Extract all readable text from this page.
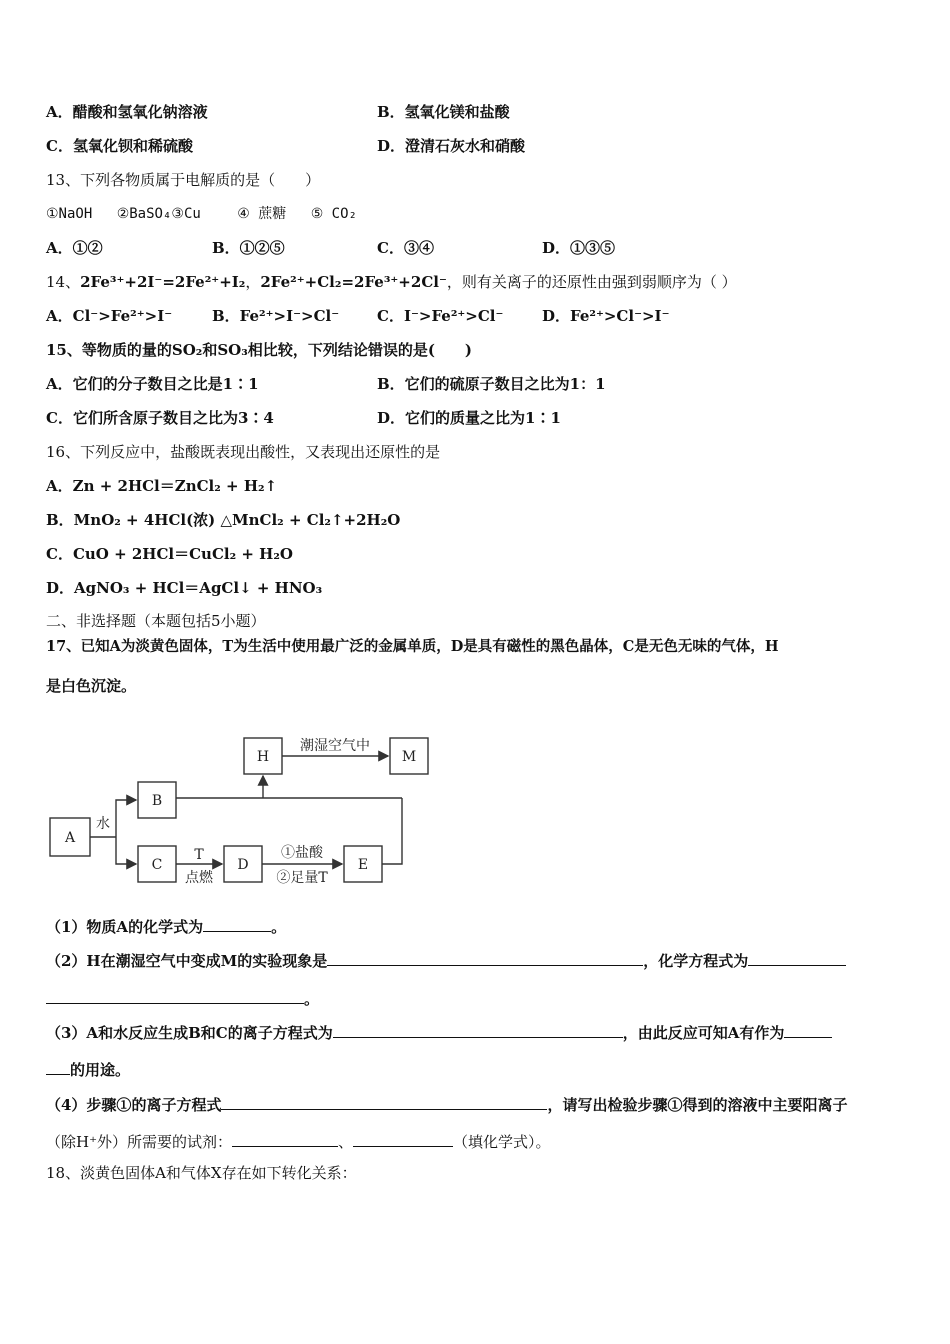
A．醋酸和氢氧化钠溶液	B．氢氧化镁和盐酸
C．氢氧化钡和稀硫酸	D．澄清石灰水和硝酸
13、下列各物质属于电解质的是（　　）
①NaOH ②BaSO₄③Cu	④ 蔗糖 ⑤ CO₂
A．①②	B．①②⑤	C．③④	D．①③⑤
14、2Fe³⁺+2I⁻=2Fe²⁺+I₂，2Fe²⁺+Cl₂=2Fe³⁺+2Cl⁻，则有关离子的还原性由强到弱顺序为（ ）
A．Cl⁻>Fe²⁺>I⁻	B．Fe²⁺>I⁻>Cl⁻	C．I⁻>Fe²⁺>Cl⁻	D．Fe²⁺>Cl⁻>I⁻
15、等物质的量的SO₂和SO₃相比较，下列结论错误的是(　　)
A．它们的分子数目之比是1∶1	B．它们的硫原子数目之比为1：1
C．它们所含原子数目之比为3∶4	D．它们的质量之比为1∶1
16、下列反应中，盐酸既表现出酸性，又表现出还原性的是
A．Zn + 2HCl＝ZnCl₂ + H₂↑
B．MnO₂ + 4HCl(浓) △MnCl₂ + Cl₂↑+2H₂O
C．CuO + 2HCl＝CuCl₂ + H₂O
D．AgNO₃ + HCl＝AgCl↓ + HNO₃
二、非选择题（本题包括5小题）
17、已知A为淡黄色固体，T为生活中使用最广泛的金属单质，D是具有磁性的黑色晶体，C是无色无味的气体，H
是白色沉淀。
A
B
C	D	E
H	M
水
潮湿空气中
T
点燃
①盐酸
②足量T
（1）物质A的化学式为	。
（2）H在潮湿空气中变成M的实验现象是	，化学方程式为
。
（3）A和水反应生成B和C的离子方程式为	，由此反应可知A有作为
的用途。
（4）步骤①的离子方程式	，请写出检验步骤①得到的溶液中主要阳离子
（除H⁺外）所需要的试剂：	、	（填化学式）。
18、淡黄色固体A和气体X存在如下转化关系：
